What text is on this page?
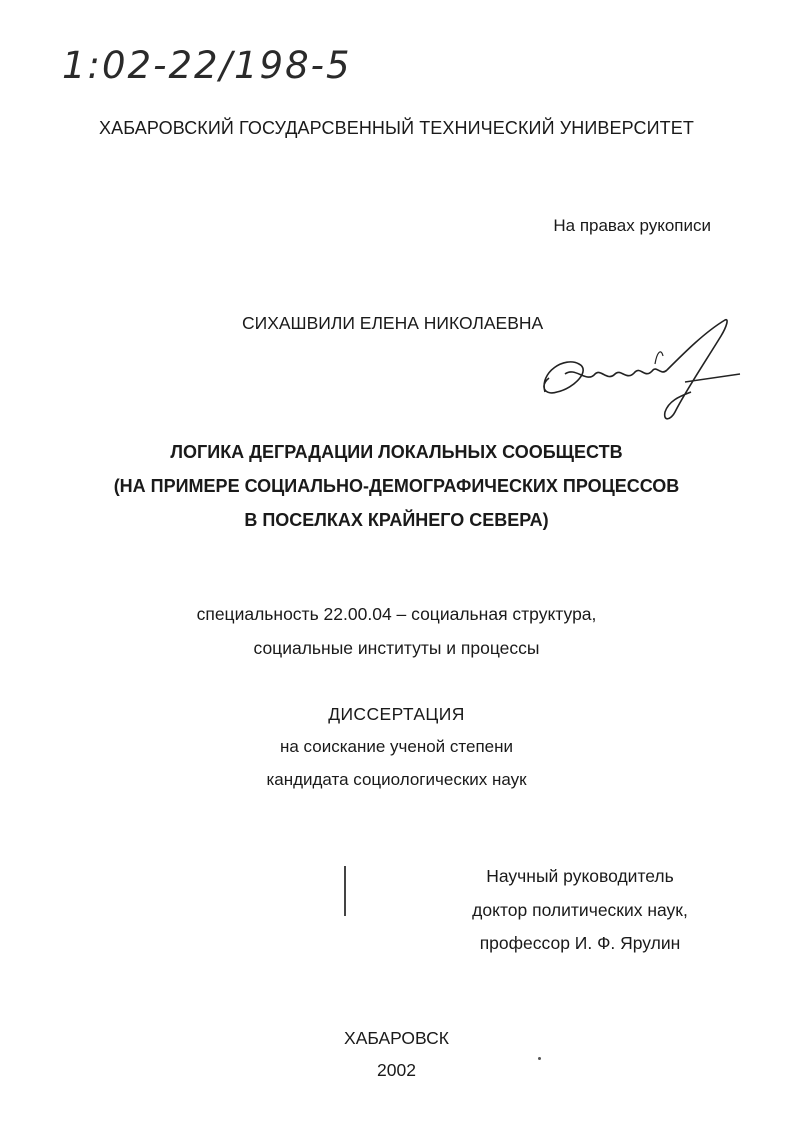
1:02-22/198-5
ХАБАРОВСКИЙ ГОСУДАРСВЕННЫЙ ТЕХНИЧЕСКИЙ УНИВЕРСИТЕТ
На правах рукописи
СИХАШВИЛИ ЕЛЕНА НИКОЛАЕВНА
ЛОГИКА ДЕГРАДАЦИИ ЛОКАЛЬНЫХ СООБЩЕСТВ
(НА ПРИМЕРЕ СОЦИАЛЬНО-ДЕМОГРАФИЧЕСКИХ ПРОЦЕССОВ
В ПОСЕЛКАХ КРАЙНЕГО СЕВЕРА)
специальность 22.00.04 – социальная структура,
социальные институты и процессы
ДИССЕРТАЦИЯ
на соискание ученой степени
кандидата социологических наук
Научный руководитель
доктор политических наук,
профессор И. Ф. Ярулин
ХАБАРОВСК
2002
